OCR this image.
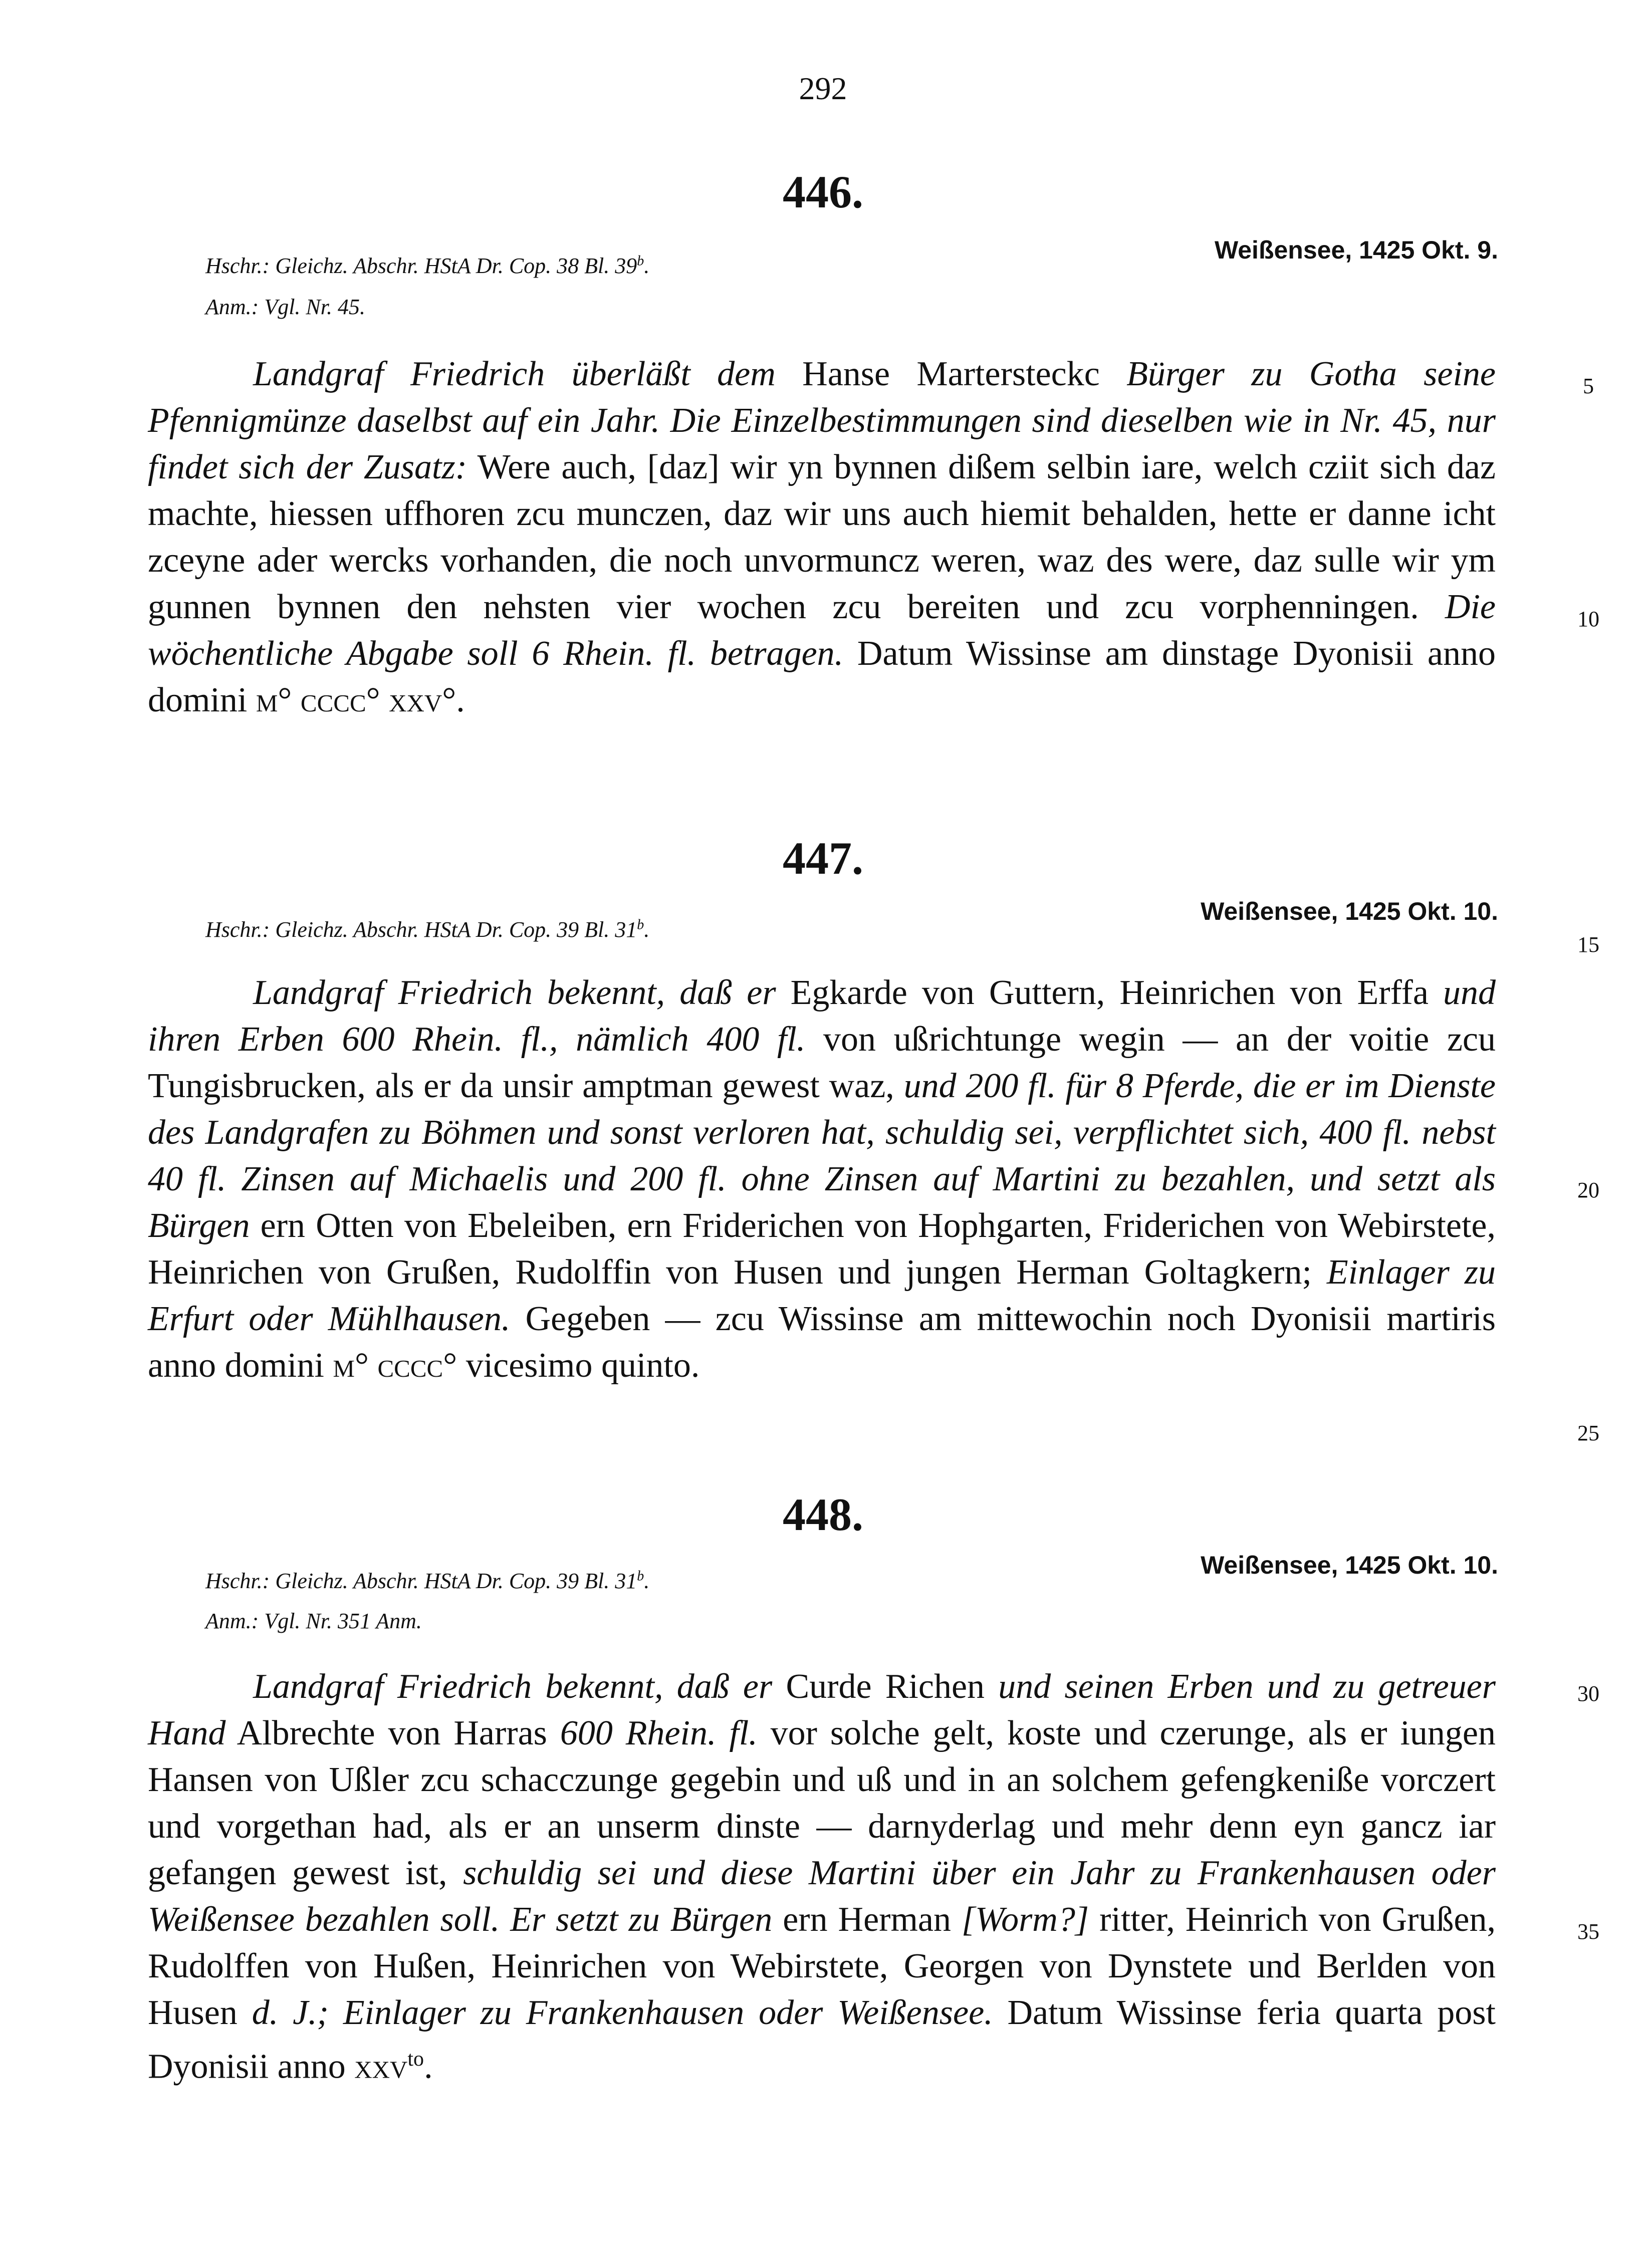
292
446.
Weißensee, 1425 Okt. 9.
Hschr.: Gleichz. Abschr. HStA Dr. Cop. 38 Bl. 39$^b$.
Anm.: Vgl. Nr. 45.

Landgraf Friedrich überläßt dem Hanse Martersteckc Bürger zu Gotha seine Pfennigmünze daselbst auf ein Jahr. Die Einzelbestimmungen sind dieselben wie in Nr. 45, nur findet sich der Zusatz: Were auch, [daz] wir yn bynnen dißem selbin iare, welch cziit sich daz machte, hiessen uffhoren zcu munczen, daz wir uns auch hiemit behalden, hette er danne icht zceyne ader wercks vorhanden, die noch unvormuncz weren, waz des were, daz sulle wir ym gunnen bynnen den nehsten vier wochen zcu bereiten und zcu vorphenningen. Die wöchentliche Abgabe soll 6 Rhein. fl. betragen. Datum Wissinse am dinstage Dyonisii anno domini m° cccc° xxv°.

447.
Weißensee, 1425 Okt. 10.
Hschr.: Gleichz. Abschr. HStA Dr. Cop. 39 Bl. 31$^b$.

Landgraf Friedrich bekennt, daß er Egkarde von Guttern, Heinrichen von Erffa und ihren Erben 600 Rhein. fl., nämlich 400 fl. von ußrichtunge wegin — an der voitie zcu Tungisbrucken, als er da unsir amptman gewest waz, und 200 fl. für 8 Pferde, die er im Dienste des Landgrafen zu Böhmen und sonst verloren hat, schuldig sei, verpflichtet sich, 400 fl. nebst 40 fl. Zinsen auf Michaelis und 200 fl. ohne Zinsen auf Martini zu bezahlen, und setzt als Bürgen ern Otten von Ebeleiben, ern Friderichen von Hophgarten, Friderichen von Webirstete, Heinrichen von Grußen, Rudolffin von Husen und jungen Herman Goltagkern; Einlager zu Erfurt oder Mühlhausen. Gegeben — zcu Wissinse am mittewochin noch Dyonisii martiris anno domini m° cccc° vicesimo quinto.

448.
Weißensee, 1425 Okt. 10.
Hschr.: Gleichz. Abschr. HStA Dr. Cop. 39 Bl. 31$^b$.
Anm.: Vgl. Nr. 351 Anm.

Landgraf Friedrich bekennt, daß er Curde Richen und seinen Erben und zu getreuer Hand Albrechte von Harras 600 Rhein. fl. vor solche gelt, koste und czerunge, als er iungen Hansen von Ußler zcu schacczunge gegebin und uß und in an solchem gefengkeniße vorczert und vorgethan had, als er an unserm dinste — darnyderlag und mehr denn eyn gancz iar gefangen gewest ist, schuldig sei und diese Martini über ein Jahr zu Frankenhausen oder Weißensee bezahlen soll. Er setzt zu Bürgen ern Herman [Worm?] ritter, Heinrich von Grußen, Rudolffen von Hußen, Heinrichen von Webirstete, Georgen von Dynstete und Berlden von Husen d. J.; Einlager zu Frankenhausen oder Weißensee. Datum Wissinse feria quarta post Dyonisii anno xxv$^{to}$.

5
10
15
20
25
30
35
